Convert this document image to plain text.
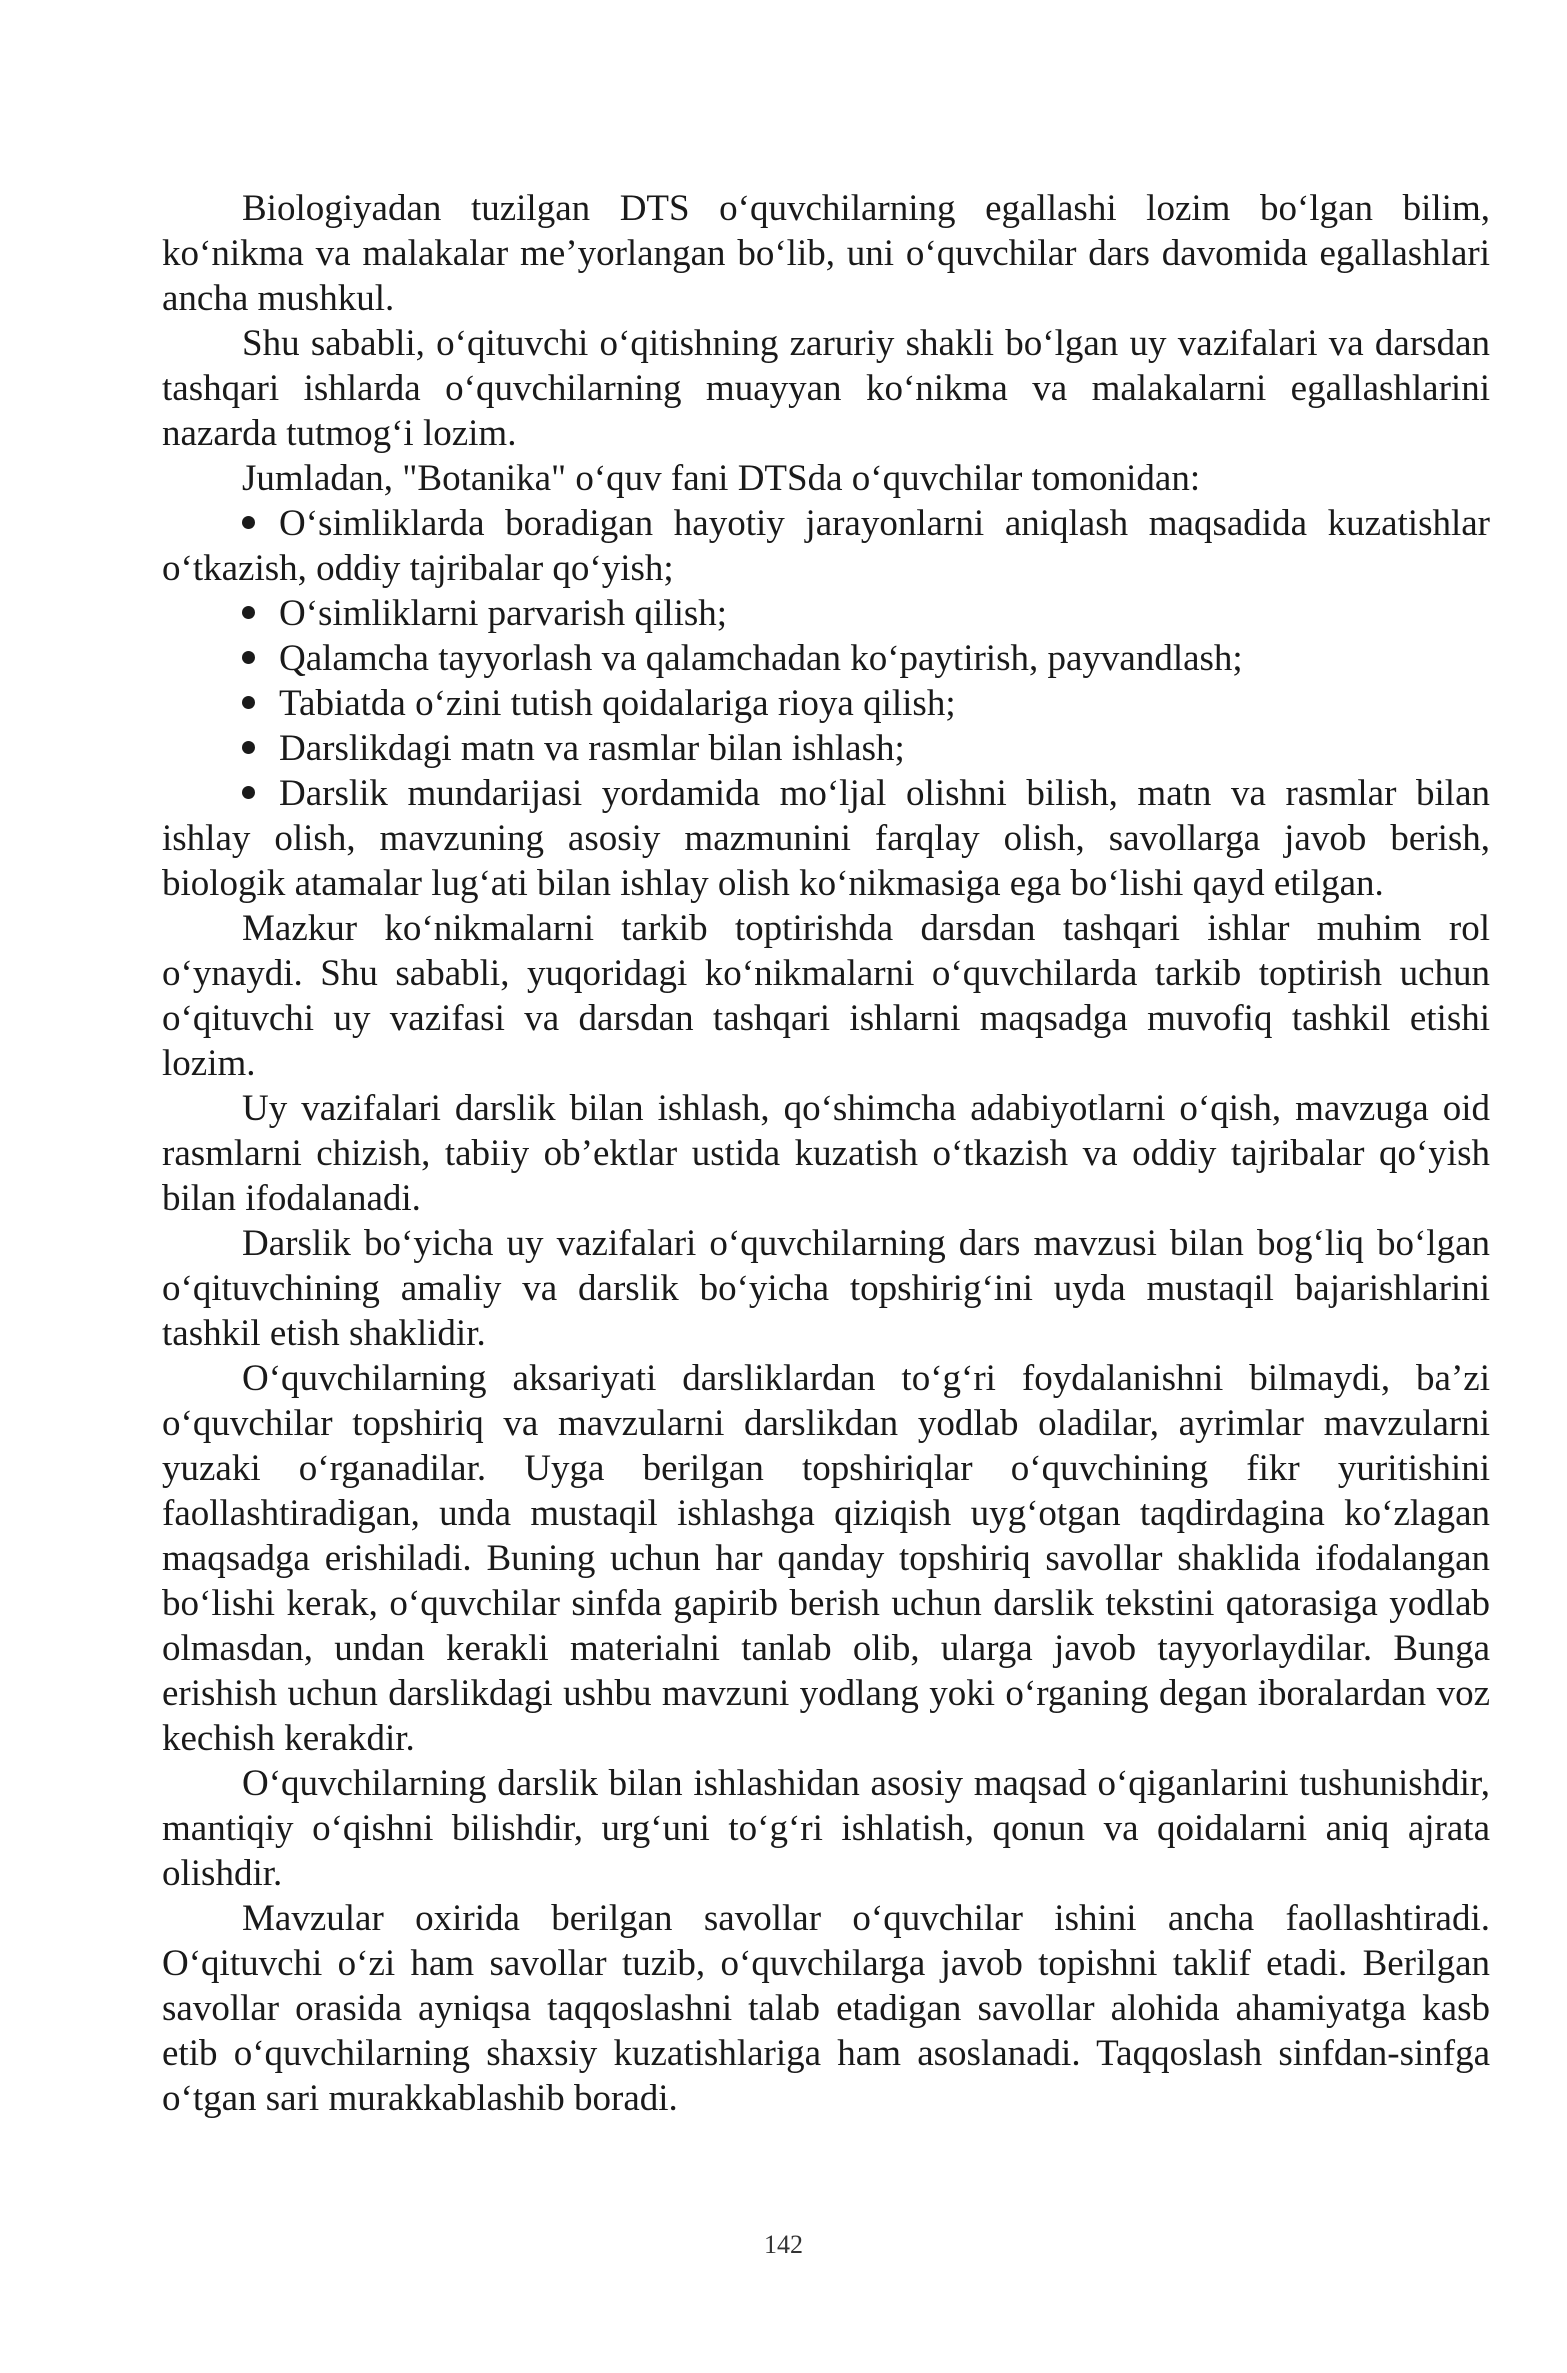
Biologiyadan tuzilgan DTS o‘quvchilarning egallashi lozim bo‘lgan bilim, ko‘nikma va malakalar me’yorlangan bo‘lib, uni o‘quvchilar dars davomida egallashlari ancha mushkul.

Shu sababli, o‘qituvchi o‘qitishning zaruriy shakli bo‘lgan uy vazifalari va darsdan tashqari ishlarda o‘quvchilarning muayyan ko‘nikma va malakalarni egallashlarini nazarda tutmog‘i lozim.

Jumladan, "Botanika" o‘quv fani DTSda o‘quvchilar tomonidan:

O‘simliklarda boradigan hayotiy jarayonlarni aniqlash maqsadida kuzatishlar o‘tkazish, oddiy tajribalar qo‘yish;
O‘simliklarni parvarish qilish;
Qalamcha tayyorlash va qalamchadan ko‘paytirish, payvandlash;
Tabiatda o‘zini tutish qoidalariga rioya qilish;
Darslikdagi matn va rasmlar bilan ishlash;
Darslik mundarijasi yordamida mo‘ljal olishni bilish, matn va rasmlar bilan ishlay olish, mavzuning asosiy mazmunini farqlay olish, savollarga javob berish, biologik atamalar lug‘ati bilan ishlay olish ko‘nikmasiga ega bo‘lishi qayd etilgan.

Mazkur ko‘nikmalarni tarkib toptirishda darsdan tashqari ishlar muhim rol o‘ynaydi. Shu sababli, yuqoridagi ko‘nikmalarni o‘quvchilarda tarkib toptirish uchun o‘qituvchi uy vazifasi va darsdan tashqari ishlarni maqsadga muvofiq tashkil etishi lozim.

Uy vazifalari darslik bilan ishlash, qo‘shimcha adabiyotlarni o‘qish, mavzuga oid rasmlarni chizish, tabiiy ob’ektlar ustida kuzatish o‘tkazish va oddiy tajribalar qo‘yish bilan ifodalanadi.

Darslik bo‘yicha uy vazifalari o‘quvchilarning dars mavzusi bilan bog‘liq bo‘lgan o‘qituvchining amaliy va darslik bo‘yicha topshirig‘ini uyda mustaqil bajarishlarini tashkil etish shaklidir.

O‘quvchilarning aksariyati darsliklardan to‘g‘ri foydalanishni bilmaydi, ba’zi o‘quvchilar topshiriq va mavzularni darslikdan yodlab oladilar, ayrimlar mavzularni yuzaki o‘rganadilar. Uyga berilgan topshiriqlar o‘quvchining fikr yuritishini faollashtiradigan, unda mustaqil ishlashga qiziqish uyg‘otgan taqdirdagina ko‘zlagan maqsadga erishiladi. Buning uchun har qanday topshiriq savollar shaklida ifodalangan bo‘lishi kerak, o‘quvchilar sinfda gapirib berish uchun darslik tekstini qatorasiga yodlab olmasdan, undan kerakli materialni tanlab olib, ularga javob tayyorlaydilar. Bunga erishish uchun darslikdagi ushbu mavzuni yodlang yoki o‘rganing degan iboralardan voz kechish kerakdir.

O‘quvchilarning darslik bilan ishlashidan asosiy maqsad o‘qiganlarini tushunishdir, mantiqiy o‘qishni bilishdir, urg‘uni to‘g‘ri ishlatish, qonun va qoidalarni aniq ajrata olishdir.

Mavzular oxirida berilgan savollar o‘quvchilar ishini ancha faollashtiradi. O‘qituvchi o‘zi ham savollar tuzib, o‘quvchilarga javob topishni taklif etadi. Berilgan savollar orasida ayniqsa taqqoslashni talab etadigan savollar alohida ahamiyatga kasb etib o‘quvchilarning shaxsiy kuzatishlariga ham asoslanadi. Taqqoslash sinfdan-sinfga o‘tgan sari murakkablashib boradi.

142
